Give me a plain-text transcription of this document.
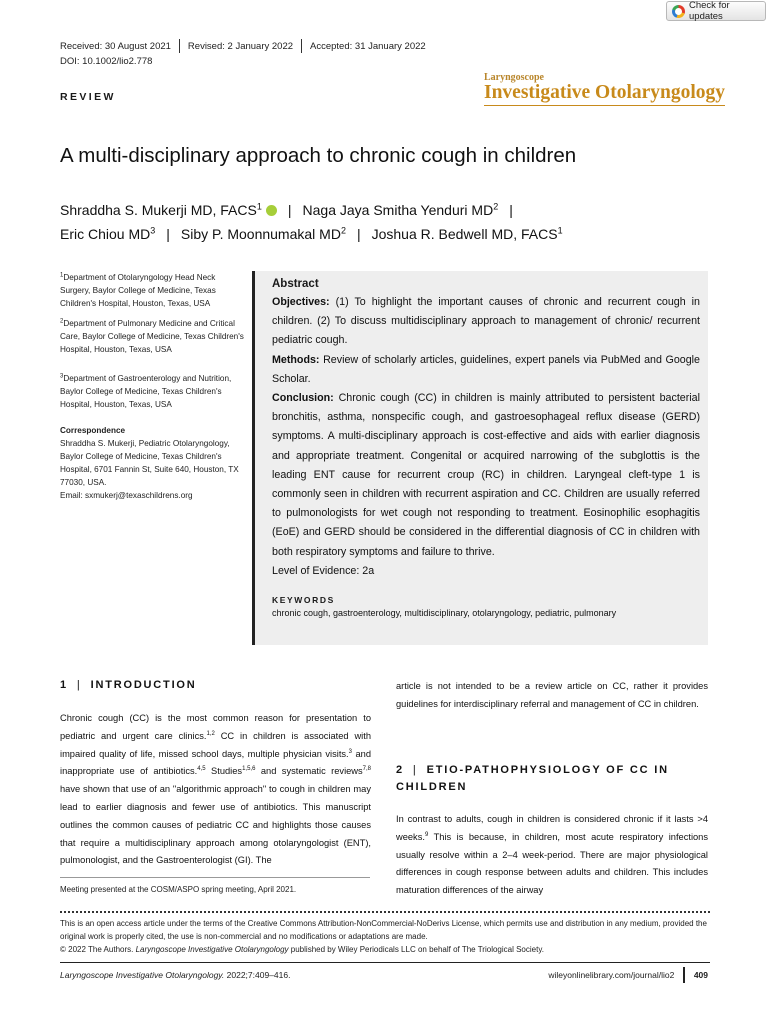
Check for updates
Received: 30 August 2021 Revised: 2 January 2022 Accepted: 31 January 2022
DOI: 10.1002/lio2.778
Laryngoscope
Investigative Otolaryngology
REVIEW
A multi-disciplinary approach to chronic cough in children
Shraddha S. Mukerji MD, FACS$^1$ | Naga Jaya Smitha Yenduri $MD^2$ |
Eric Chiou $MD^3$ | Siby P. Moonnumakal $MD^2$ | Joshua R. Bedwell MD, FACS$^1$
$^1$Department of Otolaryngology Head Neck Surgery, Baylor College of Medicine, Texas Children's Hospital, Houston, Texas, USA
$^2$Department of Pulmonary Medicine and Critical Care, Baylor College of Medicine, Texas Children's Hospital, Houston, Texas, USA
$^3$Department of Gastroenterology and Nutrition, Baylor College of Medicine, Texas Children's Hospital, Houston, Texas, USA
Correspondence
Shraddha S. Mukerji, Pediatric Otolaryngology, Baylor College of Medicine, Texas Children's Hospital, 6701 Fannin St, Suite 640, Houston, TX 77030, USA.
Email: sxmukerj@texaschildrens.org
Abstract

Objectives: (1) To highlight the important causes of chronic and recurrent cough in children. (2) To discuss multidisciplinary approach to management of chronic/ recurrent pediatric cough.

Methods: Review of scholarly articles, guidelines, expert panels via PubMed and Google Scholar.

Conclusion: Chronic cough (CC) in children is mainly attributed to persistent bacterial bronchitis, asthma, nonspecific cough, and gastroesophageal reflux disease (GERD) symptoms. A multi-disciplinary approach is cost-effective and aids with earlier diagnosis and appropriate treatment. Congenital or acquired narrowing of the subglottis is the leading ENT cause for recurrent croup (RC) in children. Laryngeal cleft-type 1 is commonly seen in children with recurrent aspiration and CC. Children are usually referred to pulmonologists for wet cough not responding to treatment. Eosinophilic esophagitis (EoE) and GERD should be considered in the differential diagnosis of CC in children with both respiratory symptoms and failure to thrive.

Level of Evidence: 2a

KEYWORDS
chronic cough, gastroenterology, multidisciplinary, otolaryngology, pediatric, pulmonary
1 | INTRODUCTION
Chronic cough (CC) is the most common reason for presentation to pediatric and urgent care clinics.$^{1,2}$ CC in children is associated with impaired quality of life, missed school days, multiple physician visits.$^3$ and inappropriate use of antibiotics.$^{4,5}$ Studies$^{1,5,6}$ and systematic reviews$^{7,8}$ have shown that use of an "algorithmic approach" to cough in children may lead to earlier diagnosis and fewer use of antibiotics. This manuscript outlines the common causes of pediatric CC and highlights those causes that require a multidisciplinary approach among otolaryngologist (ENT), pulmonologist, and the Gastroenterologist (GI). The
article is not intended to be a review article on CC, rather it provides guidelines for interdisciplinary referral and management of CC in children.
2 | ETIO-PATHOPHYSIOLOGY OF CC IN CHILDREN
In contrast to adults, cough in children is considered chronic if it lasts >4 weeks.$^9$ This is because, in children, most acute respiratory infections usually resolve within a 2–4 week-period. There are major physiological differences in cough response between adults and children. This includes maturation differences of the airway
Meeting presented at the COSM/ASPO spring meeting, April 2021.
This is an open access article under the terms of the Creative Commons Attribution-NonCommercial-NoDerivs License, which permits use and distribution in any medium, provided the original work is properly cited, the use is non-commercial and no modifications or adaptations are made.
© 2022 The Authors. Laryngoscope Investigative Otolaryngology published by Wiley Periodicals LLC on behalf of The Triological Society.
Laryngoscope Investigative Otolaryngology. 2022;7:409–416.	wileyonlinelibrary.com/journal/lio2 409
